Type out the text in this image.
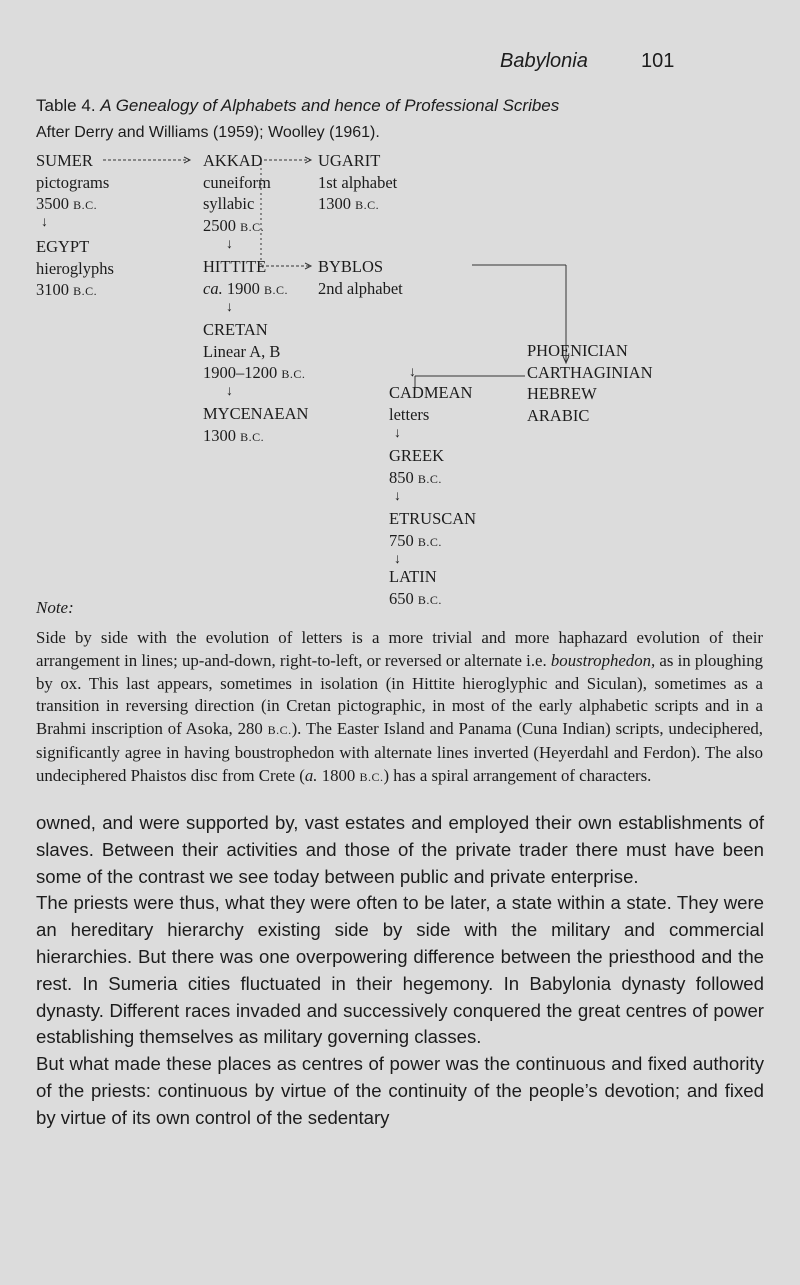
Babylonia	101
Table 4. A Genealogy of Alphabets and hence of Professional Scribes
After Derry and Williams (1959); Woolley (1961).
SUMER
pictograms
3500 B.C.
↓
EGYPT
hieroglyphs
3100 B.C.
AKKAD
cuneiform
syllabic
2500 B.C.
↓
HITTITE
ca. 1900 B.C.
↓
CRETAN
Linear A, B
1900–1200 B.C.
↓
MYCENAEAN
1300 B.C.
UGARIT
1st alphabet
1300 B.C.
BYBLOS
2nd alphabet
PHOENICIAN
CARTHAGINIAN
HEBREW
ARABIC
↓
CADMEAN
letters
↓
GREEK
850 B.C.
↓
ETRUSCAN
750 B.C.
↓
LATIN
650 B.C.
Note:
Side by side with the evolution of letters is a more trivial and more haphazard evolution of their arrangement in lines; up-and-down, right-to-left, or reversed or alternate i.e. boustrophedon, as in ploughing by ox. This last appears, sometimes in isolation (in Hittite hieroglyphic and Siculan), sometimes as a transition in reversing direction (in Cretan pictographic, in most of the early alphabetic scripts and in a Brahmi inscription of Asoka, 280 B.C.). The Easter Island and Panama (Cuna Indian) scripts, undeciphered, significantly agree in having boustrophedon with alternate lines inverted (Heyerdahl and Ferdon). The also undeciphered Phaistos disc from Crete (a. 1800 B.C.) has a spiral arrangement of characters.

owned, and were supported by, vast estates and employed their own establishments of slaves. Between their activities and those of the private trader there must have been some of the contrast we see today between public and private enterprise.

The priests were thus, what they were often to be later, a state within a state. They were an hereditary hierarchy existing side by side with the military and commercial hierarchies. But there was one overpowering difference between the priesthood and the rest. In Sumeria cities fluctuated in their hegemony. In Babylonia dynasty followed dynasty. Different races invaded and successively conquered the great centres of power establishing themselves as military governing classes.

But what made these places as centres of power was the continuous and fixed authority of the priests: continuous by virtue of the continuity of the people’s devotion; and fixed by virtue of its own control of the sedentary
